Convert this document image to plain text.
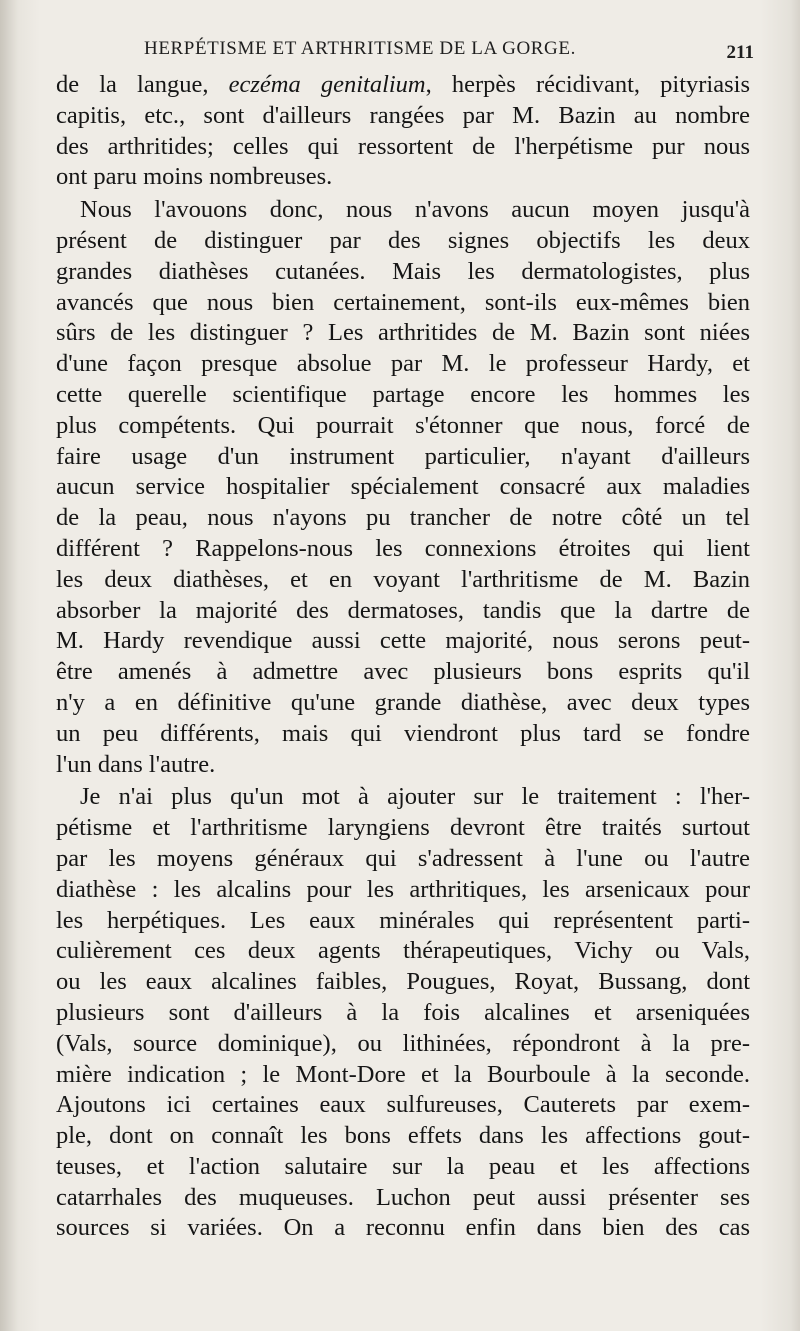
HERPÉTISME ET ARTHRITISME DE LA GORGE.	211
de la langue, eczéma genitalium, herpès récidivant, pityriasis
capitis, etc., sont d'ailleurs rangées par M. Bazin au nombre
des arthritides; celles qui ressortent de l'herpétisme pur nous
ont paru moins nombreuses.
Nous l'avouons donc, nous n'avons aucun moyen jusqu'à
présent de distinguer par des signes objectifs les deux
grandes diathèses cutanées. Mais les dermatologistes, plus
avancés que nous bien certainement, sont-ils eux-mêmes bien
sûrs de les distinguer ? Les arthritides de M. Bazin sont niées
d'une façon presque absolue par M. le professeur Hardy, et
cette querelle scientifique partage encore les hommes les
plus compétents. Qui pourrait s'étonner que nous, forcé de
faire usage d'un instrument particulier, n'ayant d'ailleurs
aucun service hospitalier spécialement consacré aux maladies
de la peau, nous n'ayons pu trancher de notre côté un tel
différent ? Rappelons-nous les connexions étroites qui lient
les deux diathèses, et en voyant l'arthritisme de M. Bazin
absorber la majorité des dermatoses, tandis que la dartre de
M. Hardy revendique aussi cette majorité, nous serons peut-
être amenés à admettre avec plusieurs bons esprits qu'il
n'y a en définitive qu'une grande diathèse, avec deux types
un peu différents, mais qui viendront plus tard se fondre
l'un dans l'autre.
Je n'ai plus qu'un mot à ajouter sur le traitement : l'her-
pétisme et l'arthritisme laryngiens devront être traités surtout
par les moyens généraux qui s'adressent à l'une ou l'autre
diathèse : les alcalins pour les arthritiques, les arsenicaux pour
les herpétiques. Les eaux minérales qui représentent parti-
culièrement ces deux agents thérapeutiques, Vichy ou Vals,
ou les eaux alcalines faibles, Pougues, Royat, Bussang, dont
plusieurs sont d'ailleurs à la fois alcalines et arseniquées
(Vals, source dominique), ou lithinées, répondront à la pre-
mière indication ; le Mont-Dore et la Bourboule à la seconde.
Ajoutons ici certaines eaux sulfureuses, Cauterets par exem-
ple, dont on connaît les bons effets dans les affections gout-
teuses, et l'action salutaire sur la peau et les affections
catarrhales des muqueuses. Luchon peut aussi présenter ses
sources si variées. On a reconnu enfin dans bien des cas
